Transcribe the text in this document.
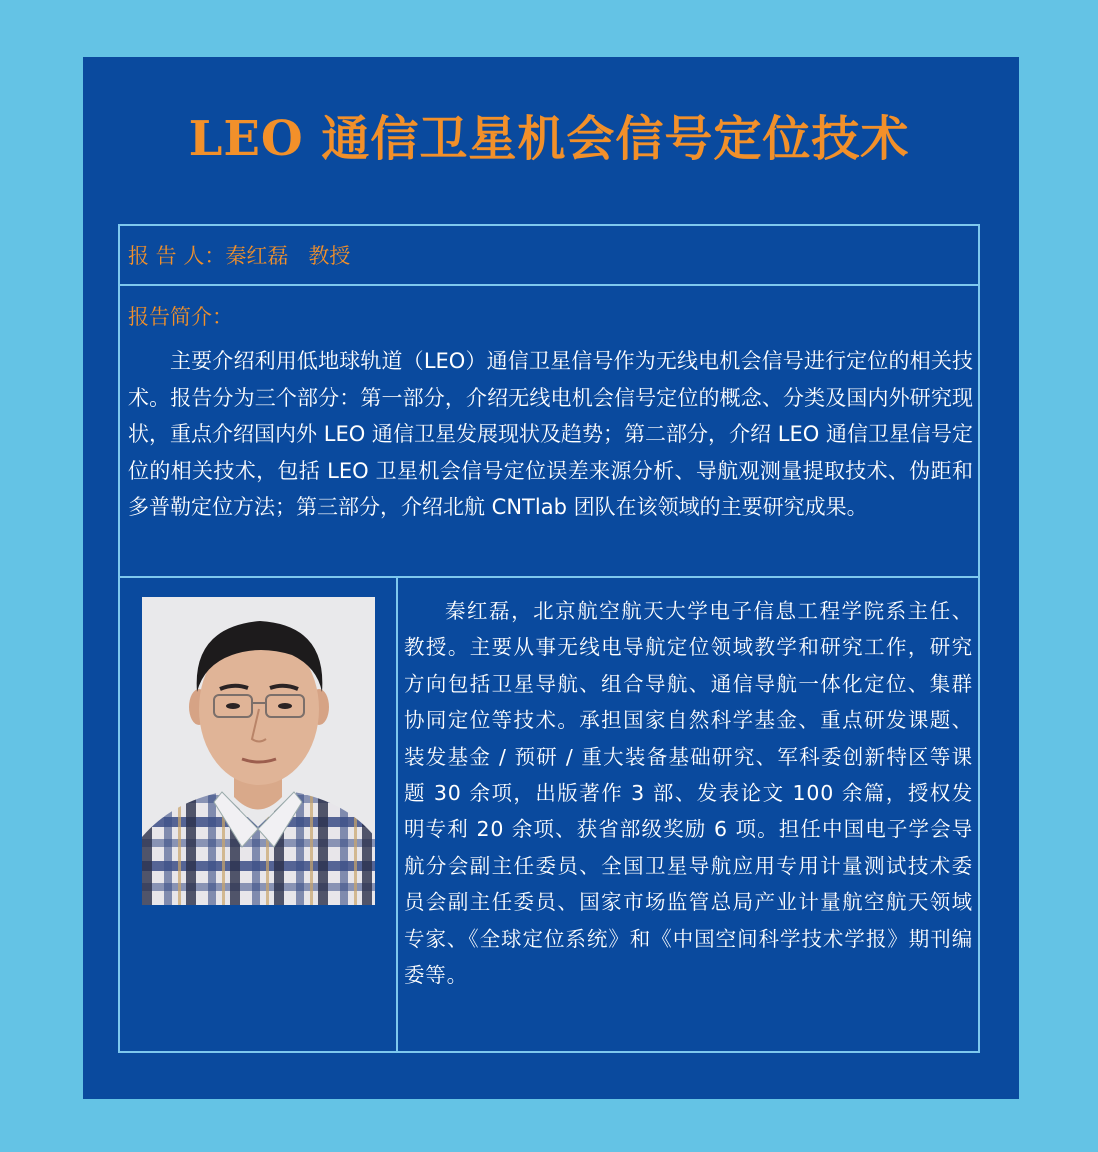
LEO 通信卫星机会信号定位技术
报 告 人：秦红磊 教授
报告简介：

主要介绍利用低地球轨道（LEO）通信卫星信号作为无线电机会信号进行定位的相关技术。报告分为三个部分：第一部分，介绍无线电机会信号定位的概念、分类及国内外研究现状，重点介绍国内外 LEO 通信卫星发展现状及趋势；第二部分，介绍 LEO 通信卫星信号定位的相关技术，包括 LEO 卫星机会信号定位误差来源分析、导航观测量提取技术、伪距和多普勒定位方法；第三部分，介绍北航 CNTlab 团队在该领域的主要研究成果。

秦红磊，北京航空航天大学电子信息工程学院系主任、教授。主要从事无线电导航定位领域教学和研究工作，研究方向包括卫星导航、组合导航、通信导航一体化定位、集群协同定位等技术。承担国家自然科学基金、重点研发课题、装发基金 / 预研 / 重大装备基础研究、军科委创新特区等课题 30 余项，出版著作 3 部、发表论文 100 余篇，授权发明专利 20 余项、获省部级奖励 6 项。担任中国电子学会导航分会副主任委员、全国卫星导航应用专用计量测试技术委员会副主任委员、国家市场监管总局产业计量航空航天领域专家、《全球定位系统》和《中国空间科学技术学报》期刊编委等。
